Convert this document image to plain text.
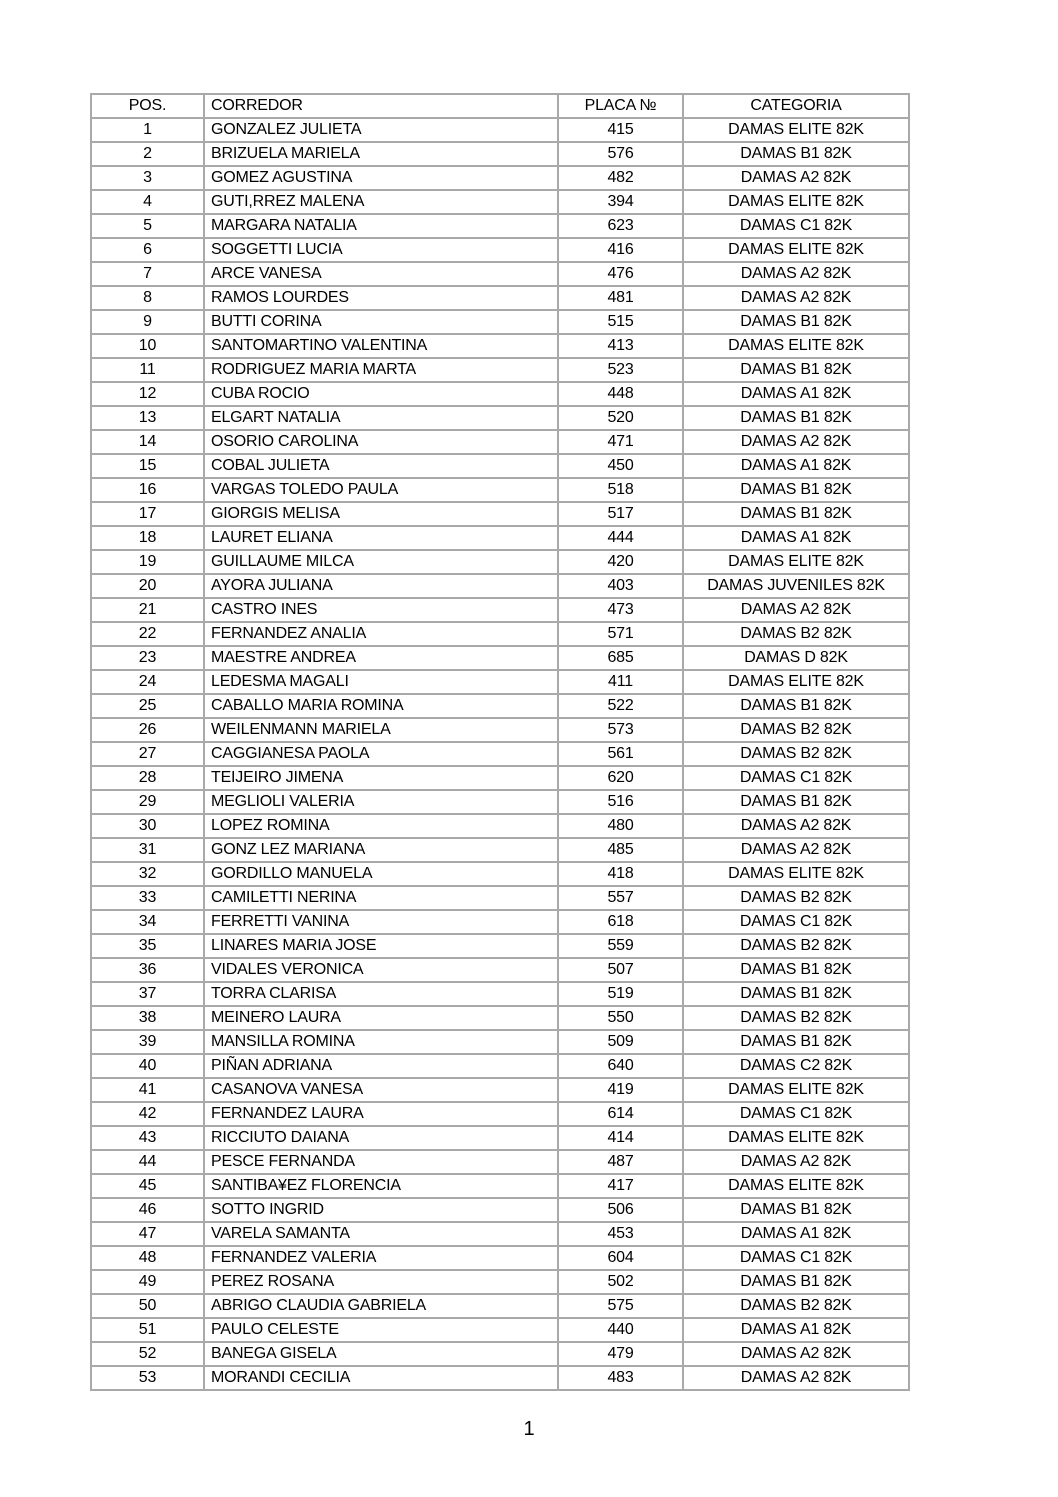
POS.	CORREDOR	PLACA №	CATEGORIA
1	GONZALEZ JULIETA	415	DAMAS ELITE 82K
2	BRIZUELA MARIELA	576	DAMAS B1 82K
3	GOMEZ AGUSTINA	482	DAMAS A2 82K
4	GUTI,RREZ MALENA	394	DAMAS ELITE 82K
5	MARGARA NATALIA	623	DAMAS C1 82K
6	SOGGETTI LUCIA	416	DAMAS ELITE 82K
7	ARCE VANESA	476	DAMAS A2 82K
8	RAMOS LOURDES	481	DAMAS A2 82K
9	BUTTI CORINA	515	DAMAS B1 82K
10	SANTOMARTINO VALENTINA	413	DAMAS ELITE 82K
11	RODRIGUEZ MARIA MARTA	523	DAMAS B1 82K
12	CUBA ROCIO	448	DAMAS A1 82K
13	ELGART NATALIA	520	DAMAS B1 82K
14	OSORIO CAROLINA	471	DAMAS A2 82K
15	COBAL JULIETA	450	DAMAS A1 82K
16	VARGAS TOLEDO PAULA	518	DAMAS B1 82K
17	GIORGIS MELISA	517	DAMAS B1 82K
18	LAURET ELIANA	444	DAMAS A1 82K
19	GUILLAUME MILCA	420	DAMAS ELITE 82K
20	AYORA JULIANA	403	DAMAS JUVENILES 82K
21	CASTRO INES	473	DAMAS A2 82K
22	FERNANDEZ ANALIA	571	DAMAS B2 82K
23	MAESTRE ANDREA	685	DAMAS D 82K
24	LEDESMA MAGALI	411	DAMAS ELITE 82K
25	CABALLO MARIA ROMINA	522	DAMAS B1 82K
26	WEILENMANN MARIELA	573	DAMAS B2 82K
27	CAGGIANESA PAOLA	561	DAMAS B2 82K
28	TEIJEIRO JIMENA	620	DAMAS C1 82K
29	MEGLIOLI VALERIA	516	DAMAS B1 82K
30	LOPEZ ROMINA	480	DAMAS A2 82K
31	GONZ LEZ MARIANA	485	DAMAS A2 82K
32	GORDILLO MANUELA	418	DAMAS ELITE 82K
33	CAMILETTI NERINA	557	DAMAS B2 82K
34	FERRETTI VANINA	618	DAMAS C1 82K
35	LINARES MARIA JOSE	559	DAMAS B2 82K
36	VIDALES VERONICA	507	DAMAS B1 82K
37	TORRA CLARISA	519	DAMAS B1 82K
38	MEINERO LAURA	550	DAMAS B2 82K
39	MANSILLA ROMINA	509	DAMAS B1 82K
40	PIÑAN ADRIANA	640	DAMAS C2 82K
41	CASANOVA VANESA	419	DAMAS ELITE 82K
42	FERNANDEZ LAURA	614	DAMAS C1 82K
43	RICCIUTO DAIANA	414	DAMAS ELITE 82K
44	PESCE FERNANDA	487	DAMAS A2 82K
45	SANTIBA¥EZ FLORENCIA	417	DAMAS ELITE 82K
46	SOTTO INGRID	506	DAMAS B1 82K
47	VARELA SAMANTA	453	DAMAS A1 82K
48	FERNANDEZ VALERIA	604	DAMAS C1 82K
49	PEREZ ROSANA	502	DAMAS B1 82K
50	ABRIGO CLAUDIA GABRIELA	575	DAMAS B2 82K
51	PAULO CELESTE	440	DAMAS A1 82K
52	BANEGA GISELA	479	DAMAS A2 82K
53	MORANDI CECILIA	483	DAMAS A2 82K
1
